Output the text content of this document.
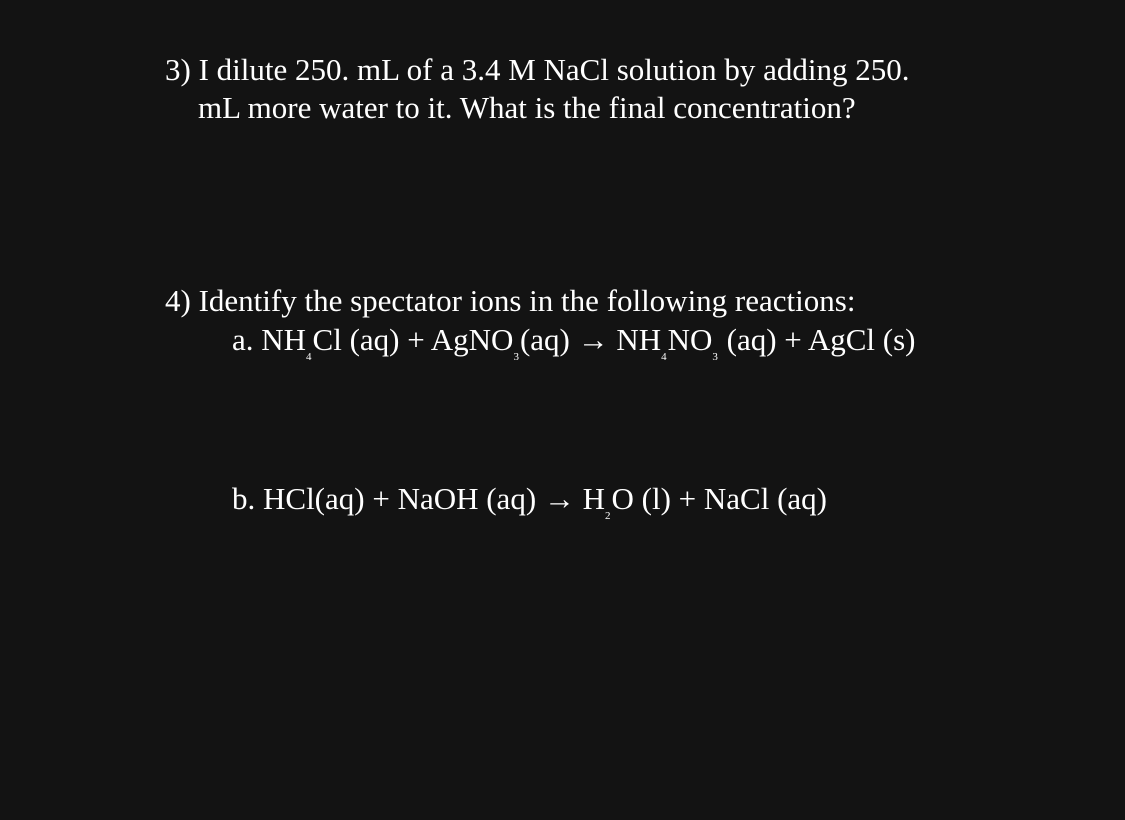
3) I dilute 250. mL of a 3.4 M NaCl solution by adding 250.
mL more water to it. What is the final concentration?
4) Identify the spectator ions in the following reactions:
a. $NH_4Cl$ (aq) + AgNO$_3$(aq) → $NH_4NO_3$ (aq) + AgCl (s)
b. HCl(aq) + NaOH $(aq) \to H_2O$ (l) + NaCl (aq)
